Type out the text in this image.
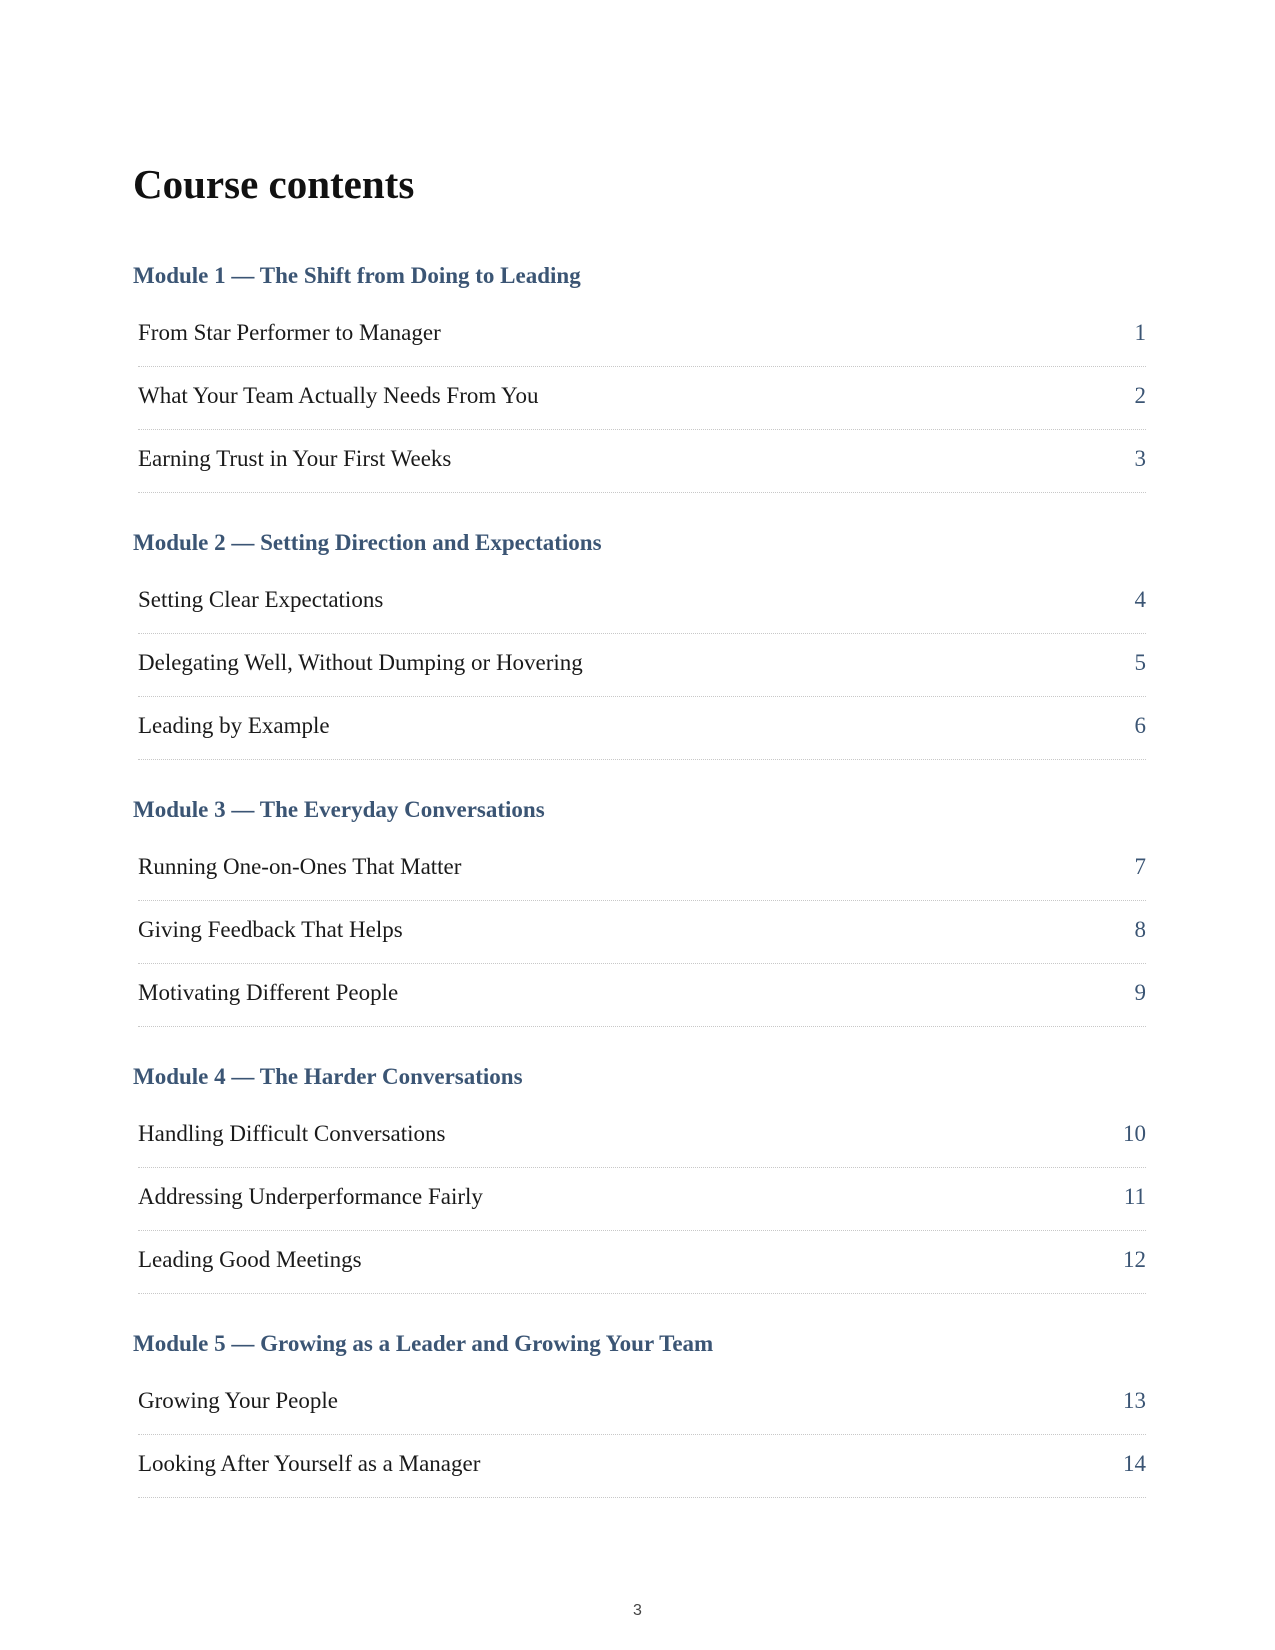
Course contents
Module 1 — The Shift from Doing to Leading
From Star Performer to Manager	1
What Your Team Actually Needs From You	2
Earning Trust in Your First Weeks	3
Module 2 — Setting Direction and Expectations
Setting Clear Expectations	4
Delegating Well, Without Dumping or Hovering	5
Leading by Example	6
Module 3 — The Everyday Conversations
Running One-on-Ones That Matter	7
Giving Feedback That Helps	8
Motivating Different People	9
Module 4 — The Harder Conversations
Handling Difficult Conversations	10
Addressing Underperformance Fairly	11
Leading Good Meetings	12
Module 5 — Growing as a Leader and Growing Your Team
Growing Your People	13
Looking After Yourself as a Manager	14
3
